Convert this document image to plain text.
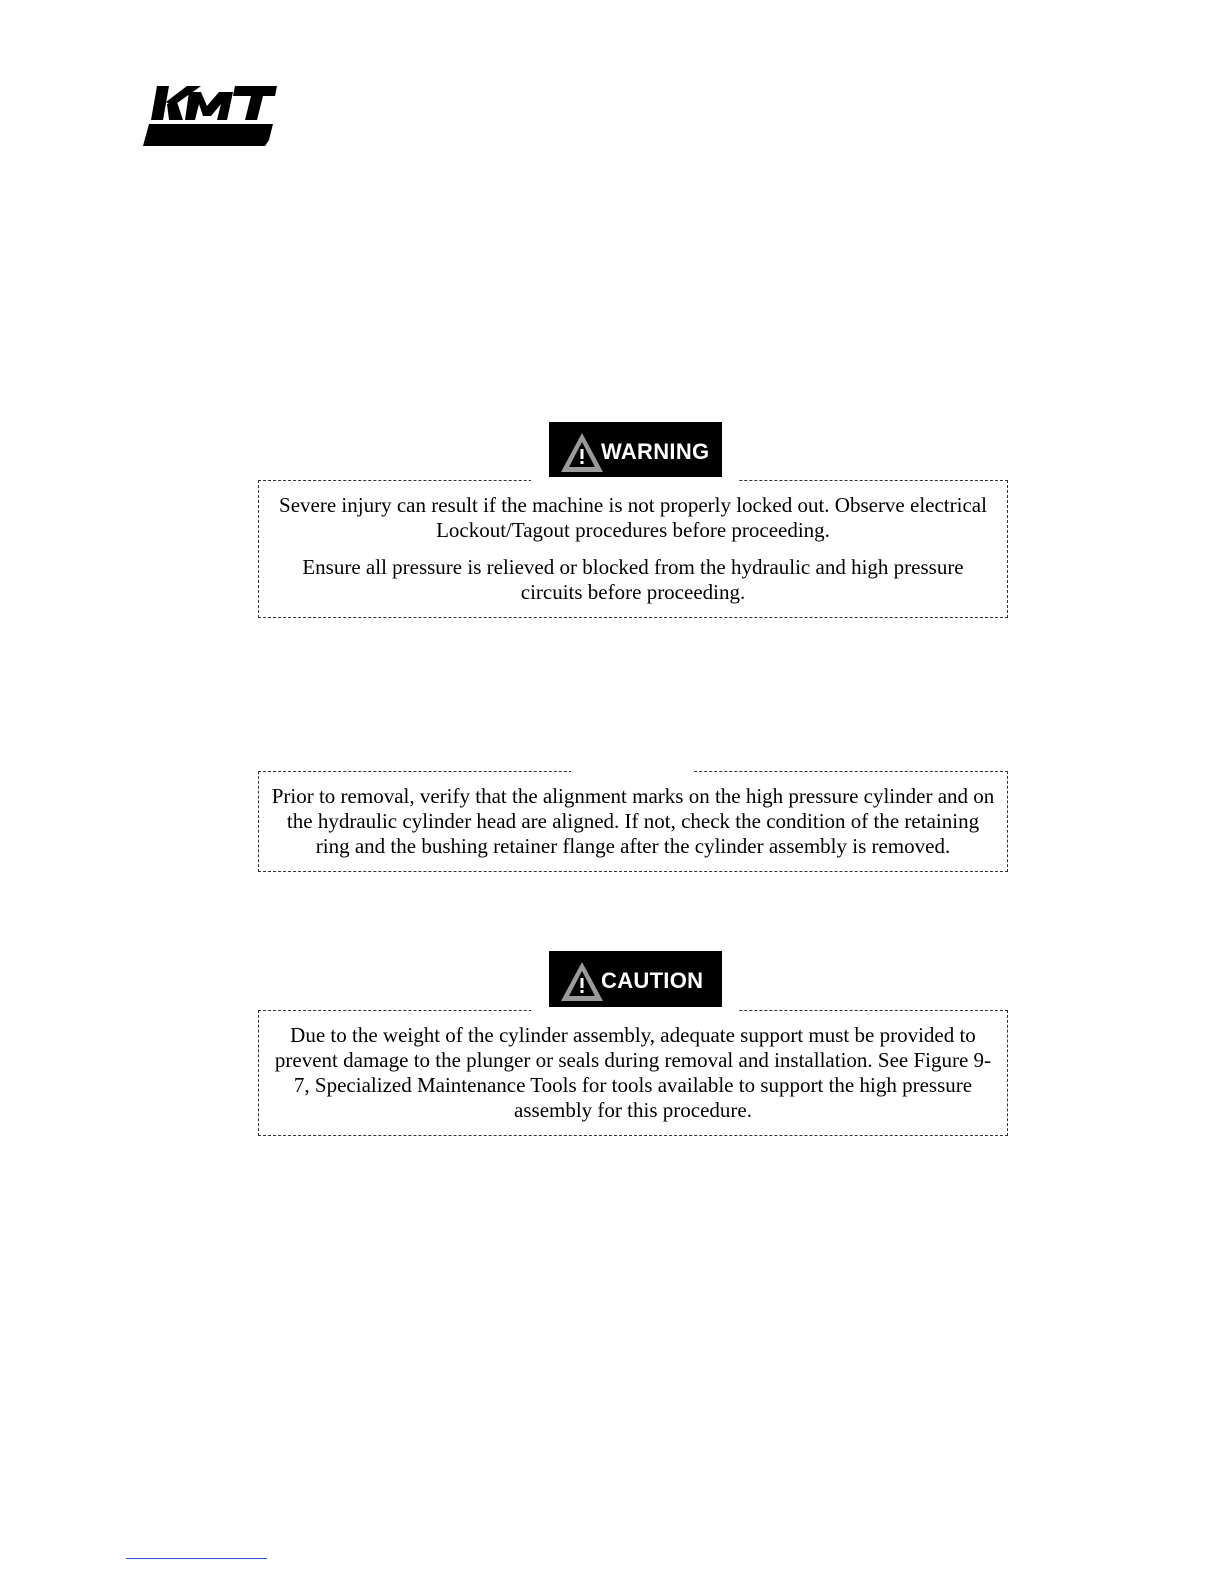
WARNING

Severe injury can result if the machine is not properly locked out. Observe electrical Lockout/Tagout procedures before proceeding.

Ensure all pressure is relieved or blocked from the hydraulic and high pressure circuits before proceeding.

Prior to removal, verify that the alignment marks on the high pressure cylinder and on the hydraulic cylinder head are aligned. If not, check the condition of the retaining ring and the bushing retainer flange after the cylinder assembly is removed.

CAUTION

Due to the weight of the cylinder assembly, adequate support must be provided to prevent damage to the plunger or seals during removal and installation. See Figure 9-7, Specialized Maintenance Tools for tools available to support the high pressure assembly for this procedure.
